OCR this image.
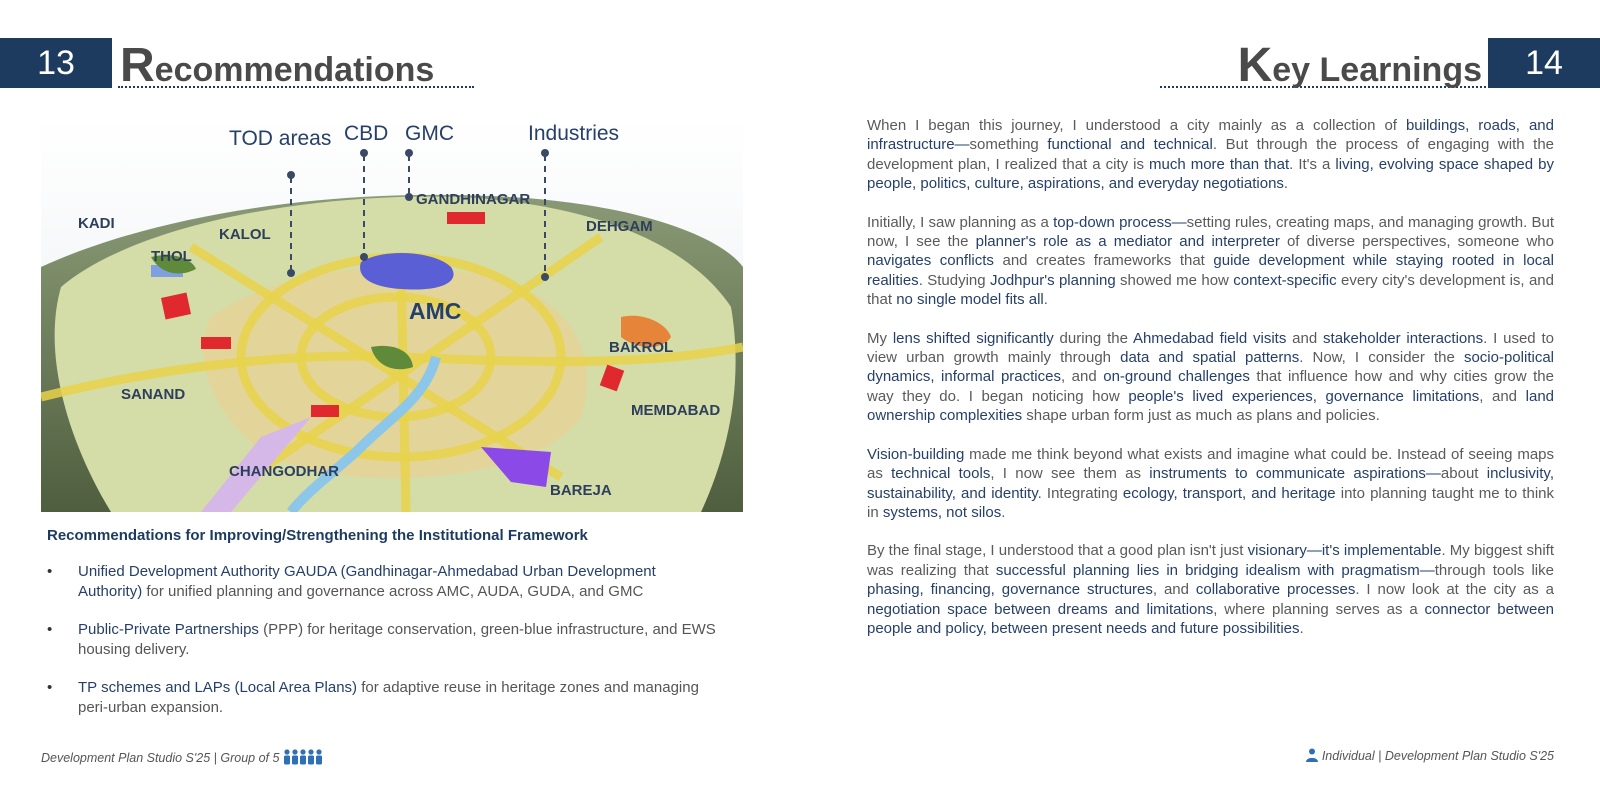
13 Recommendations	Key Learnings	14
TOD areas CBD GMC	Industries
AMC
GANDHINAGAR
KADI
KALOL
THOL
DEHGAM
BAKROL
SANAND
MEMDABAD
CHANGODHAR
BAREJA
Recommendations for Improving/Strengthening the Institutional Framework
• Unified Development Authority GAUDA (Gandhinagar-Ahmedabad Urban Development Authority) for unified planning and governance across AMC, AUDA, GUDA, and GMC
• Public-Private Partnerships (PPP) for heritage conservation, green-blue infrastructure, and EWS housing delivery.
• TP schemes and LAPs (Local Area Plans) for adaptive reuse in heritage zones and managing peri-urban expansion.

When I began this journey, I understood a city mainly as a collection of buildings, roads, and infrastructure—something functional and technical. But through the process of engaging with the development plan, I realized that a city is much more than that. It's a living, evolving space shaped by people, politics, culture, aspirations, and everyday negotiations.

Initially, I saw planning as a top-down process—setting rules, creating maps, and managing growth. But now, I see the planner's role as a mediator and interpreter of diverse perspectives, someone who navigates conflicts and creates frameworks that guide development while staying rooted in local realities. Studying Jodhpur's planning showed me how context-specific every city's development is, and that no single model fits all.

My lens shifted significantly during the Ahmedabad field visits and stakeholder interactions. I used to view urban growth mainly through data and spatial patterns. Now, I consider the socio-political dynamics, informal practices, and on-ground challenges that influence how and why cities grow the way they do. I began noticing how people's lived experiences, governance limitations, and land ownership complexities shape urban form just as much as plans and policies.

Vision-building made me think beyond what exists and imagine what could be. Instead of seeing maps as technical tools, I now see them as instruments to communicate aspirations—about inclusivity, sustainability, and identity. Integrating ecology, transport, and heritage into planning taught me to think in systems, not silos.

By the final stage, I understood that a good plan isn't just visionary—it's implementable. My biggest shift was realizing that successful planning lies in bridging idealism with pragmatism—through tools like phasing, financing, governance structures, and collaborative processes. I now look at the city as a negotiation space between dreams and limitations, where planning serves as a connector between people and policy, between present needs and future possibilities.

Development Plan Studio S'25 | Group of 5	Individual | Development Plan Studio S'25
